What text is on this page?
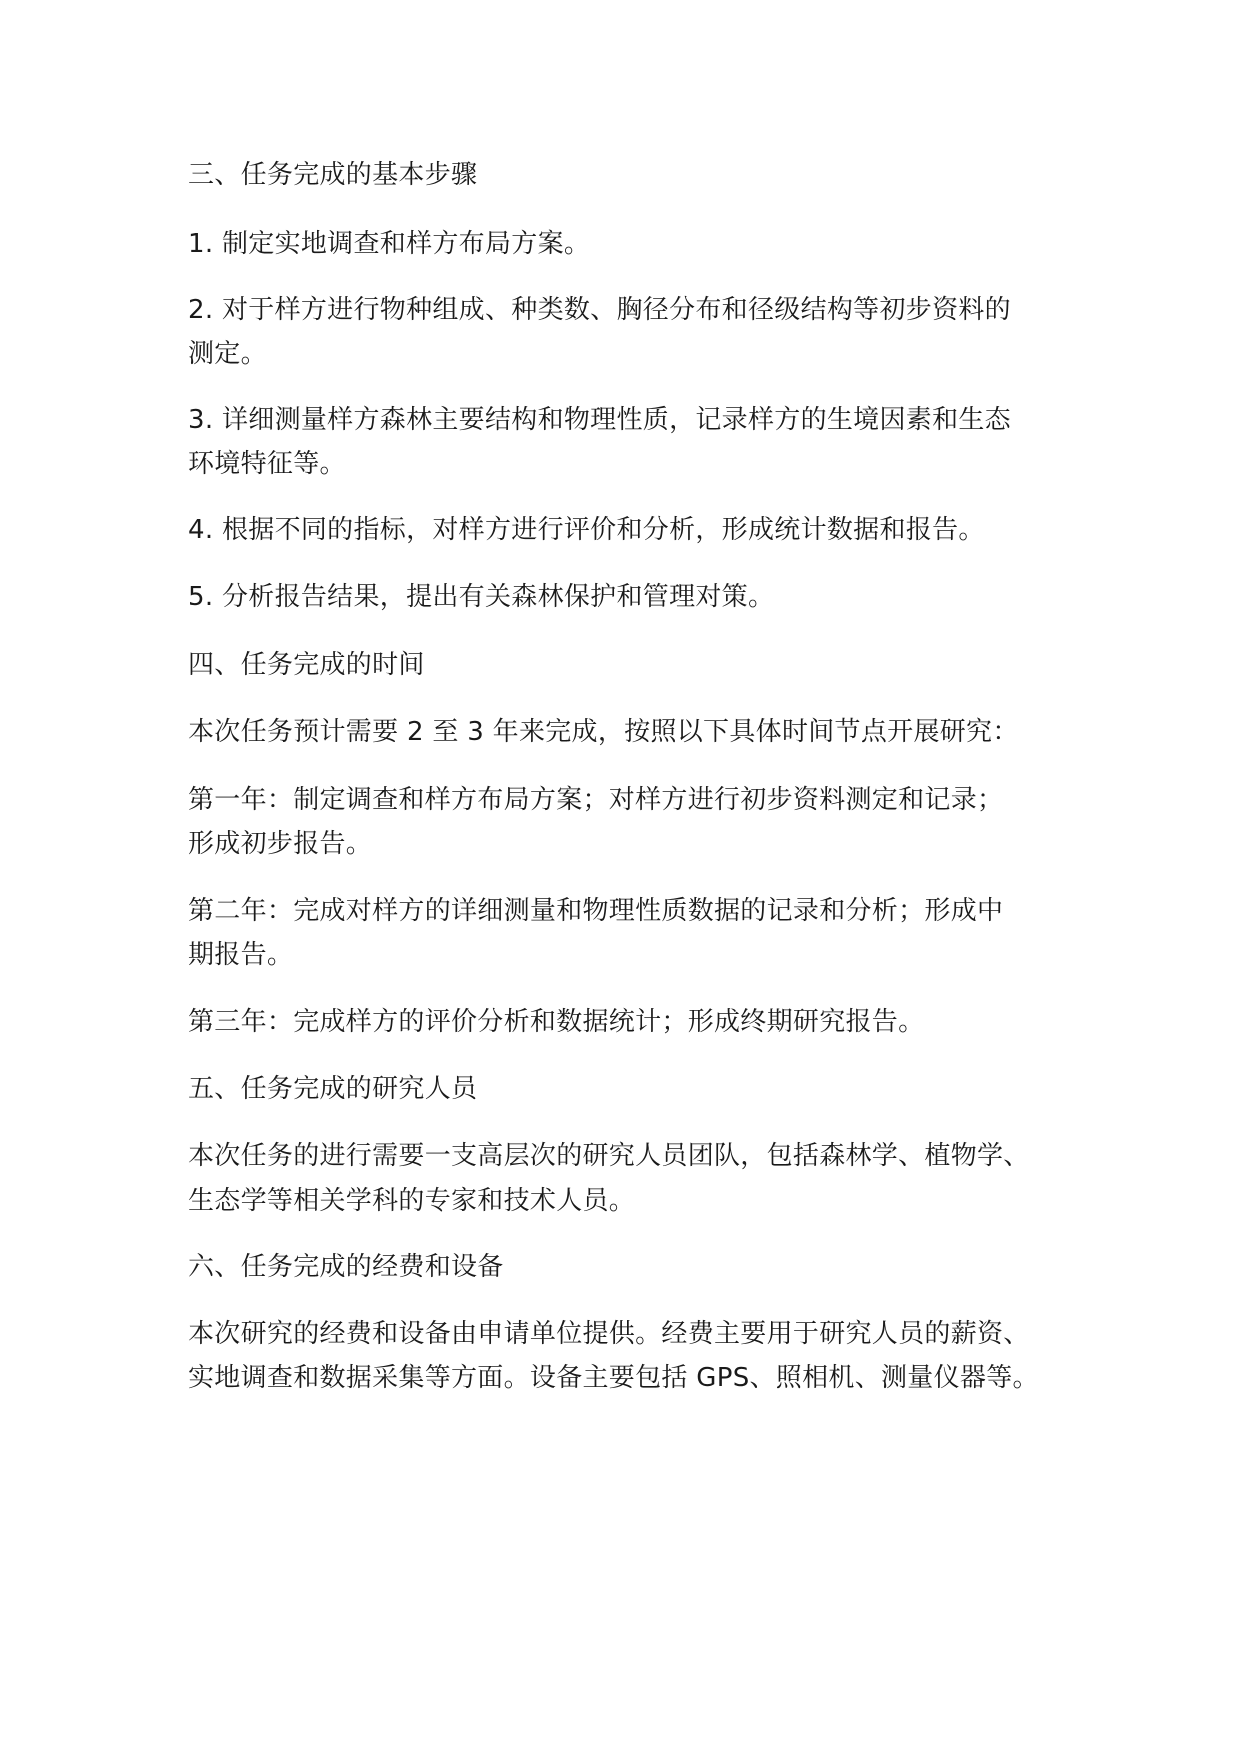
三、任务完成的基本步骤
1. 制定实地调查和样方布局方案。
2. 对于样方进行物种组成、种类数、胸径分布和径级结构等初步资料的
测定。
3. 详细测量样方森林主要结构和物理性质，记录样方的生境因素和生态
环境特征等。
4. 根据不同的指标，对样方进行评价和分析，形成统计数据和报告。
5. 分析报告结果，提出有关森林保护和管理对策。
四、任务完成的时间
本次任务预计需要 2 至 3 年来完成，按照以下具体时间节点开展研究：
第一年：制定调查和样方布局方案；对样方进行初步资料测定和记录；
形成初步报告。
第二年：完成对样方的详细测量和物理性质数据的记录和分析；形成中
期报告。
第三年：完成样方的评价分析和数据统计；形成终期研究报告。
五、任务完成的研究人员
本次任务的进行需要一支高层次的研究人员团队，包括森林学、植物学、
生态学等相关学科的专家和技术人员。
六、任务完成的经费和设备
本次研究的经费和设备由申请单位提供。经费主要用于研究人员的薪资、
实地调查和数据采集等方面。设备主要包括 GPS、照相机、测量仪器等。
